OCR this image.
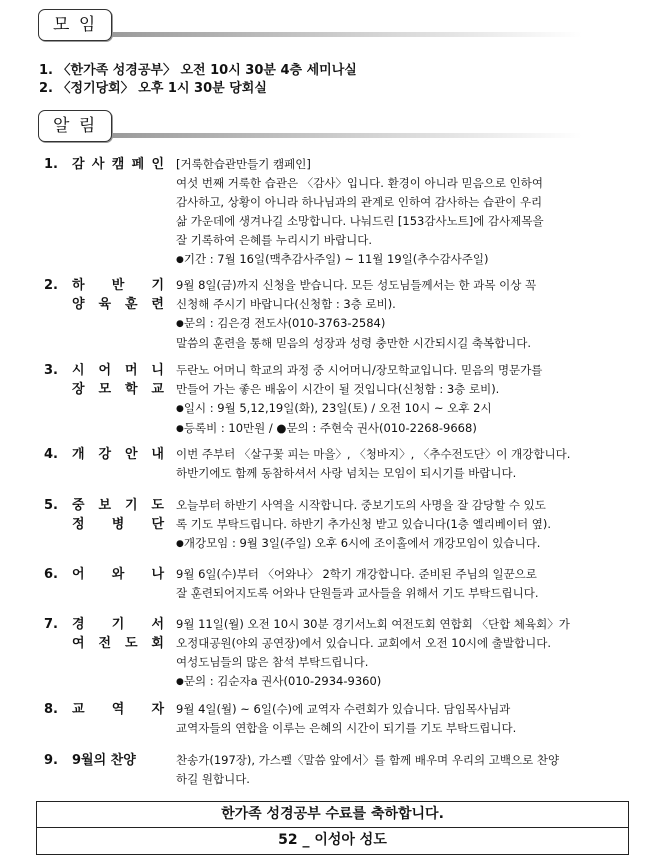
모 임
1. 〈한가족 성경공부〉 오전 10시 30분 4층 세미나실
2. 〈정기당회〉 오후 1시 30분 당회실
알 림
1. 감 사 캠 페 인 [거룩한습관만들기 캠페인]
여섯 번째 거룩한 습관은 〈감사〉입니다. 환경이 아니라 믿음으로 인하여
감사하고, 상황이 아니라 하나님과의 관계로 인하여 감사하는 습관이 우리
삶 가운데에 생겨나길 소망합니다. 나눠드린 [153감사노트]에 감사제목을
잘 기록하여 은혜를 누리시기 바랍니다.
●기간 : 7월 16일(맥추감사주일) ~ 11월 19일(추수감사주일)
2. 하 반 기
양 육 훈 련
9월 8일(금)까지 신청을 받습니다. 모든 성도님들께서는 한 과목 이상 꼭
신청해 주시기 바랍니다(신청함 : 3층 로비).
●문의 : 김은경 전도사(010-3763-2584)
말씀의 훈련을 통해 믿음의 성장과 성령 충만한 시간되시길 축복합니다.
3. 시 어 머 니
장 모 학 교
두란노 어머니 학교의 과정 중 시어머니/장모학교입니다. 믿음의 명문가를
만들어 가는 좋은 배움이 시간이 될 것입니다(신청함 : 3층 로비).
●일시 : 9월 5,12,19일(화), 23일(토) / 오전 10시 ~ 오후 2시
●등록비 : 10만원 / ●문의 : 주현숙 권사(010-2268-9668)
4. 개 강 안 내 이번 주부터 〈살구꽃 피는 마을〉, 〈청바지〉, 〈추수전도단〉이 개강합니다.
하반기에도 함께 동참하셔서 사랑 넘치는 모임이 되시기를 바랍니다.
5. 중 보 기 도
정 병 단
오늘부터 하반기 사역을 시작합니다. 중보기도의 사명을 잘 감당할 수 있도
록 기도 부탁드립니다. 하반기 추가신청 받고 있습니다(1층 엘리베이터 옆).
●개강모임 : 9월 3일(주일) 오후 6시에 조이홀에서 개강모임이 있습니다.
6. 어 와 나 9월 6일(수)부터 〈어와나〉 2학기 개강합니다. 준비된 주님의 일꾼으로
잘 훈련되어지도록 어와나 단원들과 교사들을 위해서 기도 부탁드립니다.
7. 경 기 서
여 전 도 회
9월 11일(월) 오전 10시 30분 경기서노회 여전도회 연합회 〈단합 체육회〉가
오정대공원(야외 공연장)에서 있습니다. 교회에서 오전 10시에 출발합니다.
여성도님들의 많은 참석 부탁드립니다.
●문의 : 김순자a 권사(010-2934-9360)
8. 교 역 자 9월 4일(월) ~ 6일(수)에 교역자 수련회가 있습니다. 담임목사님과
교역자들의 연합을 이루는 은혜의 시간이 되기를 기도 부탁드립니다.
9. 9월의 찬양	찬송가(197장), 가스펠〈말씀 앞에서〉를 함께 배우며 우리의 고백으로 찬양
하길 원합니다.
한가족 성경공부 수료를 축하합니다.
52 _ 이성아 성도
